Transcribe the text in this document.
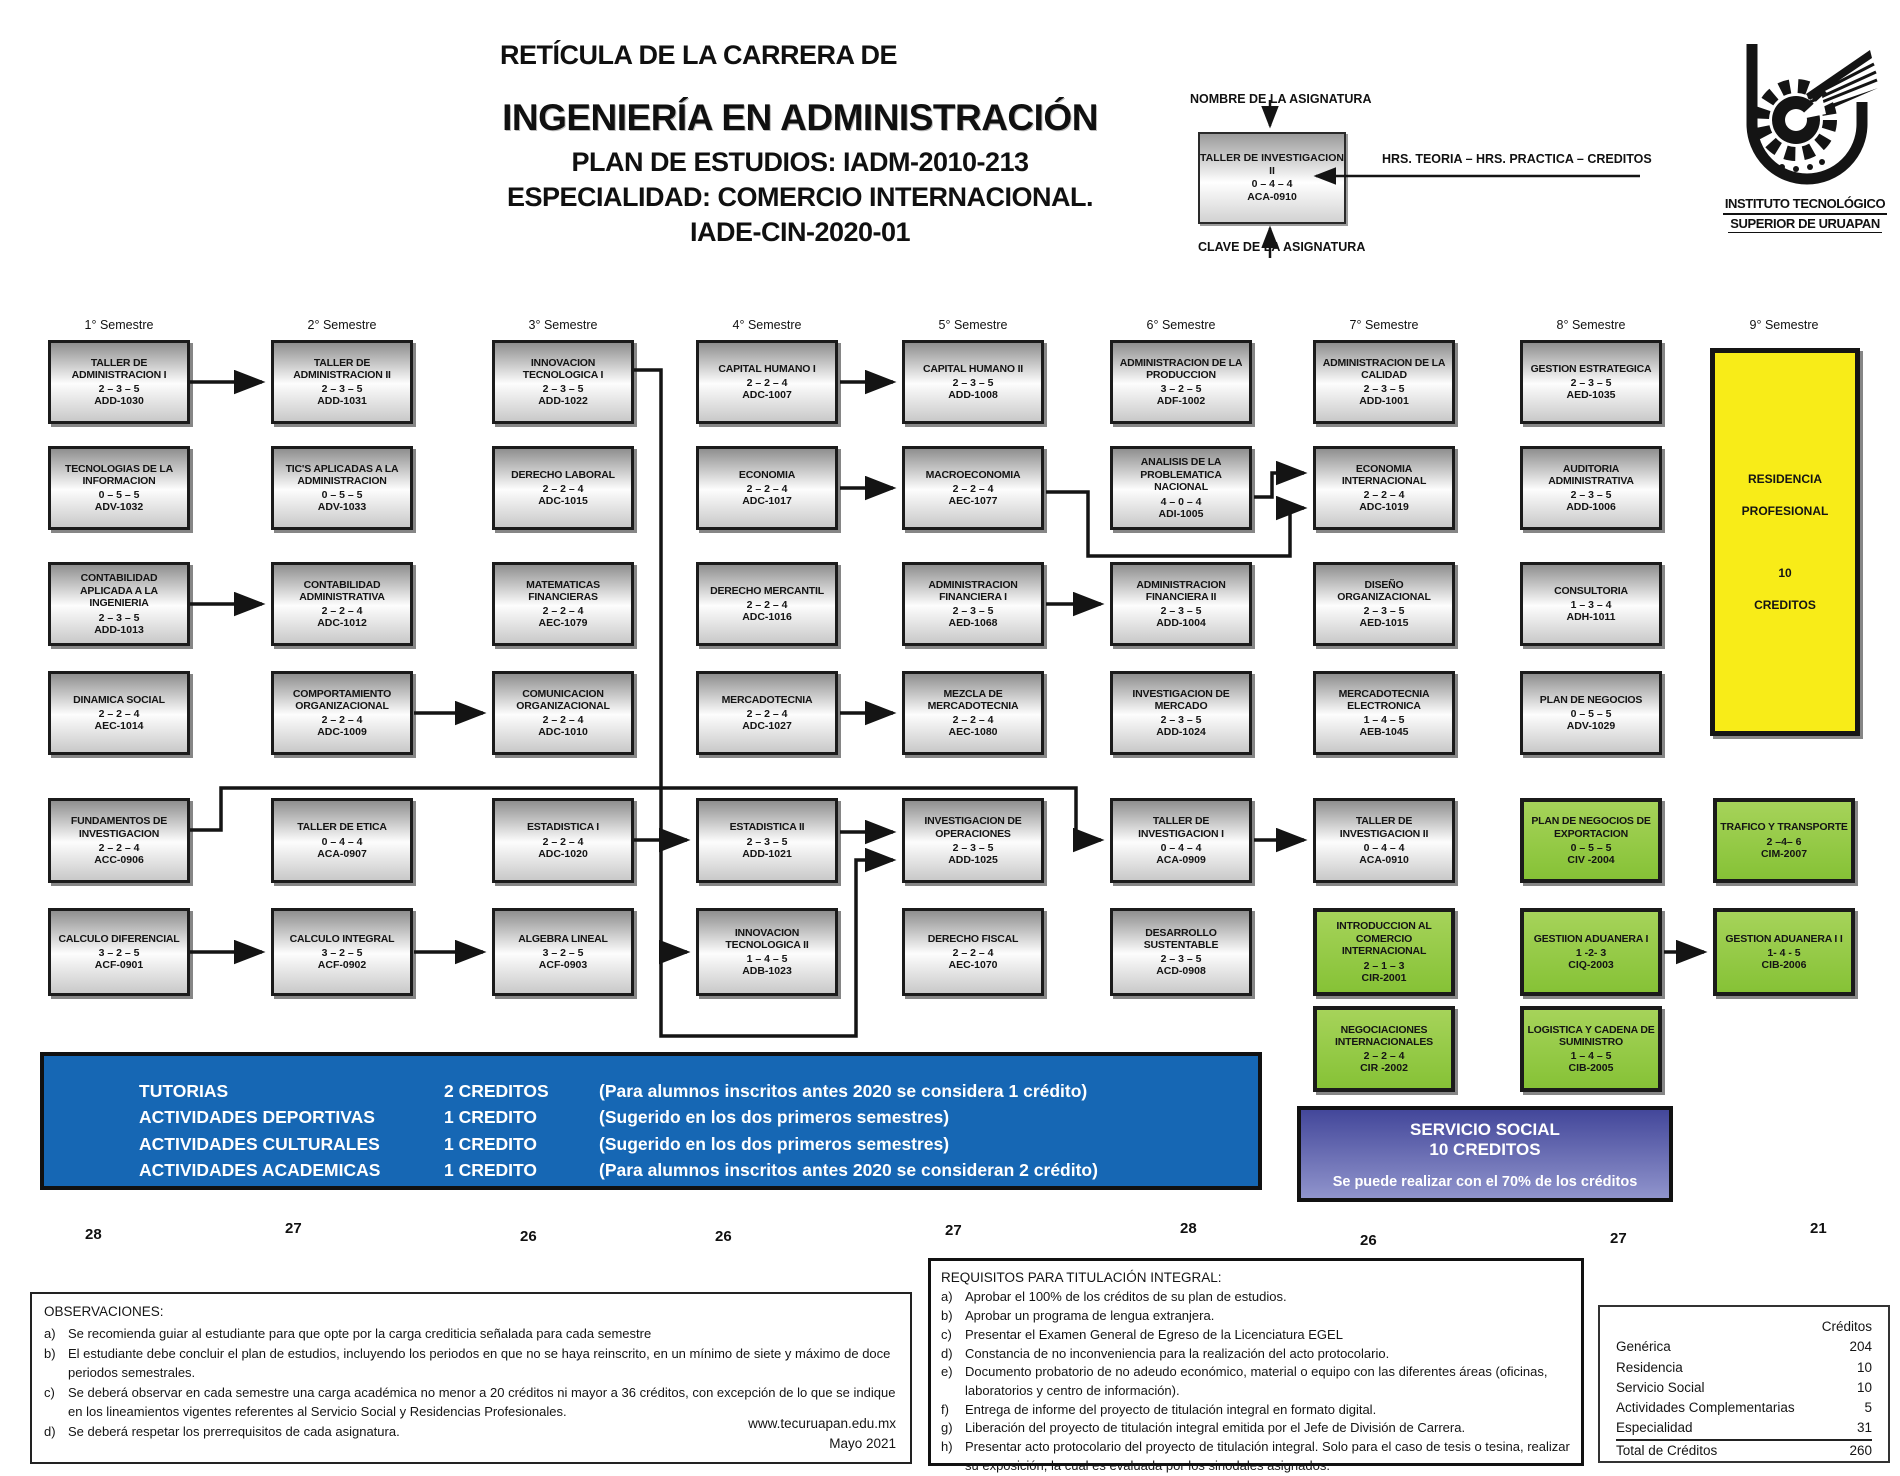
RETÍCULA DE LA CARRERA DE
INGENIERÍA EN ADMINISTRACIÓN
PLAN DE ESTUDIOS: IADM-2010-213
ESPECIALIDAD: COMERCIO INTERNACIONAL.
IADE-CIN-2020-01
NOMBRE DE LA ASIGNATURA
TALLER DE INVESTIGACION II
0 – 4 – 4
ACA-0910
HRS. TEORIA – HRS. PRACTICA – CREDITOS
CLAVE DE LA ASIGNATURA
INSTITUTO TECNOLÓGICO
SUPERIOR DE URUAPAN
1° Semestre
TALLER DE ADMINISTRACION I
2 – 3 – 5
ADD-1030
TECNOLOGIAS DE LA INFORMACION
0 – 5 – 5
ADV-1032
CONTABILIDAD APLICADA A LA INGENIERIA
2 – 3 – 5
ADD-1013
DINAMICA SOCIAL
2 – 2 – 4
AEC-1014
FUNDAMENTOS DE INVESTIGACION
2 – 2 – 4
ACC-0906
CALCULO DIFERENCIAL
3 – 2 – 5
ACF-0901
28
2° Semestre
TALLER DE ADMINISTRACION II
2 – 3 – 5
ADD-1031
TIC'S APLICADAS A LA ADMINISTRACION
0 – 5 – 5
ADV-1033
CONTABILIDAD ADMINISTRATIVA
2 – 2 – 4
ADC-1012
COMPORTAMIENTO ORGANIZACIONAL
2 – 2 – 4
ADC-1009
TALLER DE ETICA
0 – 4 – 4
ACA-0907
CALCULO INTEGRAL
3 – 2 – 5
ACF-0902
27
3° Semestre
INNOVACION TECNOLOGICA I
2 – 3 – 5
ADD-1022
DERECHO LABORAL
2 – 2 – 4
ADC-1015
MATEMATICAS FINANCIERAS
2 – 2 – 4
AEC-1079
COMUNICACION ORGANIZACIONAL
2 – 2 – 4
ADC-1010
ESTADISTICA I
2 – 2 – 4
ADC-1020
ALGEBRA LINEAL
3 – 2 – 5
ACF-0903
26
4° Semestre
CAPITAL HUMANO I
2 – 2 – 4
ADC-1007
ECONOMIA
2 – 2 – 4
ADC-1017
DERECHO MERCANTIL
2 – 2 – 4
ADC-1016
MERCADOTECNIA
2 – 2 – 4
ADC-1027
ESTADISTICA II
2 – 3 – 5
ADD-1021
INNOVACION TECNOLOGICA II
1 – 4 – 5
ADB-1023
26
5° Semestre
CAPITAL HUMANO II
2 – 3 – 5
ADD-1008
MACROECONOMIA
2 – 2 – 4
AEC-1077
ADMINISTRACION FINANCIERA I
2 – 3 – 5
AED-1068
MEZCLA DE MERCADOTECNIA
2 – 2 – 4
AEC-1080
INVESTIGACION DE OPERACIONES
2 – 3 – 5
ADD-1025
DERECHO FISCAL
2 – 2 – 4
AEC-1070
27
6° Semestre
ADMINISTRACION DE LA PRODUCCION
3 – 2 – 5
ADF-1002
ANALISIS DE LA PROBLEMATICA NACIONAL
4 – 0 – 4
ADI-1005
ADMINISTRACION FINANCIERA II
2 – 3 – 5
ADD-1004
INVESTIGACION DE MERCADO
2 – 3 – 5
ADD-1024
TALLER DE INVESTIGACION I
0 – 4 – 4
ACA-0909
DESARROLLO SUSTENTABLE
2 – 3 – 5
ACD-0908
28
7° Semestre
ADMINISTRACION DE LA CALIDAD
2 – 3 – 5
ADD-1001
ECONOMIA INTERNACIONAL
2 – 2 – 4
ADC-1019
DISEÑO ORGANIZACIONAL
2 – 3 – 5
AED-1015
MERCADOTECNIA ELECTRONICA
1 – 4 – 5
AEB-1045
TALLER DE INVESTIGACION II
0 – 4 – 4
ACA-0910
INTRODUCCION AL COMERCIO INTERNACIONAL
2 – 1 – 3
CIR-2001
NEGOCIACIONES INTERNACIONALES
2 – 2 – 4
CIR -2002
26
8° Semestre
GESTION ESTRATEGICA
2 – 3 – 5
AED-1035
AUDITORIA ADMINISTRATIVA
2 – 3 – 5
ADD-1006
CONSULTORIA
1 – 3 – 4
ADH-1011
PLAN DE NEGOCIOS
0 – 5 – 5
ADV-1029
PLAN DE NEGOCIOS DE EXPORTACION
0 – 5 – 5
CIV -2004
GESTIION ADUANERA I
1 -2- 3
CIQ-2003
LOGISTICA Y CADENA DE SUMINISTRO
1 – 4 – 5
CIB-2005
27
9° Semestre
TRAFICO Y TRANSPORTE
2 –4– 6
CIM-2007
GESTION ADUANERA I I
1- 4 - 5
CIB-2006
21
RESIDENCIA
PROFESIONAL
10
CREDITOS
TUTORIAS	2 CREDITOS	(Para alumnos inscritos antes 2020 se considera 1 crédito)
ACTIVIDADES DEPORTIVAS	1 CREDITO	(Sugerido en los dos primeros semestres)
ACTIVIDADES CULTURALES	1 CREDITO	(Sugerido en los dos primeros semestres)
ACTIVIDADES ACADEMICAS	1 CREDITO	(Para alumnos inscritos antes 2020 se consideran 2 crédito)
SERVICIO SOCIAL
10 CREDITOS
Se puede realizar con el 70% de los créditos
OBSERVACIONES:
a) Se recomienda guiar al estudiante para que opte por la carga crediticia señalada para cada semestre
b) El estudiante debe concluir el plan de estudios, incluyendo los periodos en que no se haya reinscrito, en un mínimo de siete y máximo de doce periodos semestrales.
c)	Se deberá observar en cada semestre una carga académica no menor a 20 créditos ni mayor a 36 créditos, con excepción de lo que se indique en los lineamientos vigentes referentes al Servicio Social y Residencias Profesionales.
d) Se deberá respetar los prerrequisitos de cada asignatura.
www.tecuruapan.edu.mx
Mayo 2021
REQUISITOS PARA TITULACIÓN INTEGRAL:
a) Aprobar el 100% de los créditos de su plan de estudios.
b) Aprobar un programa de lengua extranjera.
c)	Presentar el Examen General de Egreso de la Licenciatura EGEL
d) Constancia de no inconveniencia para la realización del acto protocolario.
e) Documento probatorio de no adeudo económico, material o equipo con las diferentes áreas (oficinas, laboratorios y centro de información).
f)	Entrega de informe del proyecto de titulación integral en formato digital.
g) Liberación del proyecto de titulación integral emitida por el Jefe de División de Carrera.
h) Presentar acto protocolario del proyecto de titulación integral. Solo para el caso de tesis o tesina, realizar su exposición, la cual es evaluada por los sinodales asignados.
Créditos
Genérica	204
Residencia	10
Servicio Social	10
Actividades Complementarias	5
Especialidad	31
Total de Créditos	260
